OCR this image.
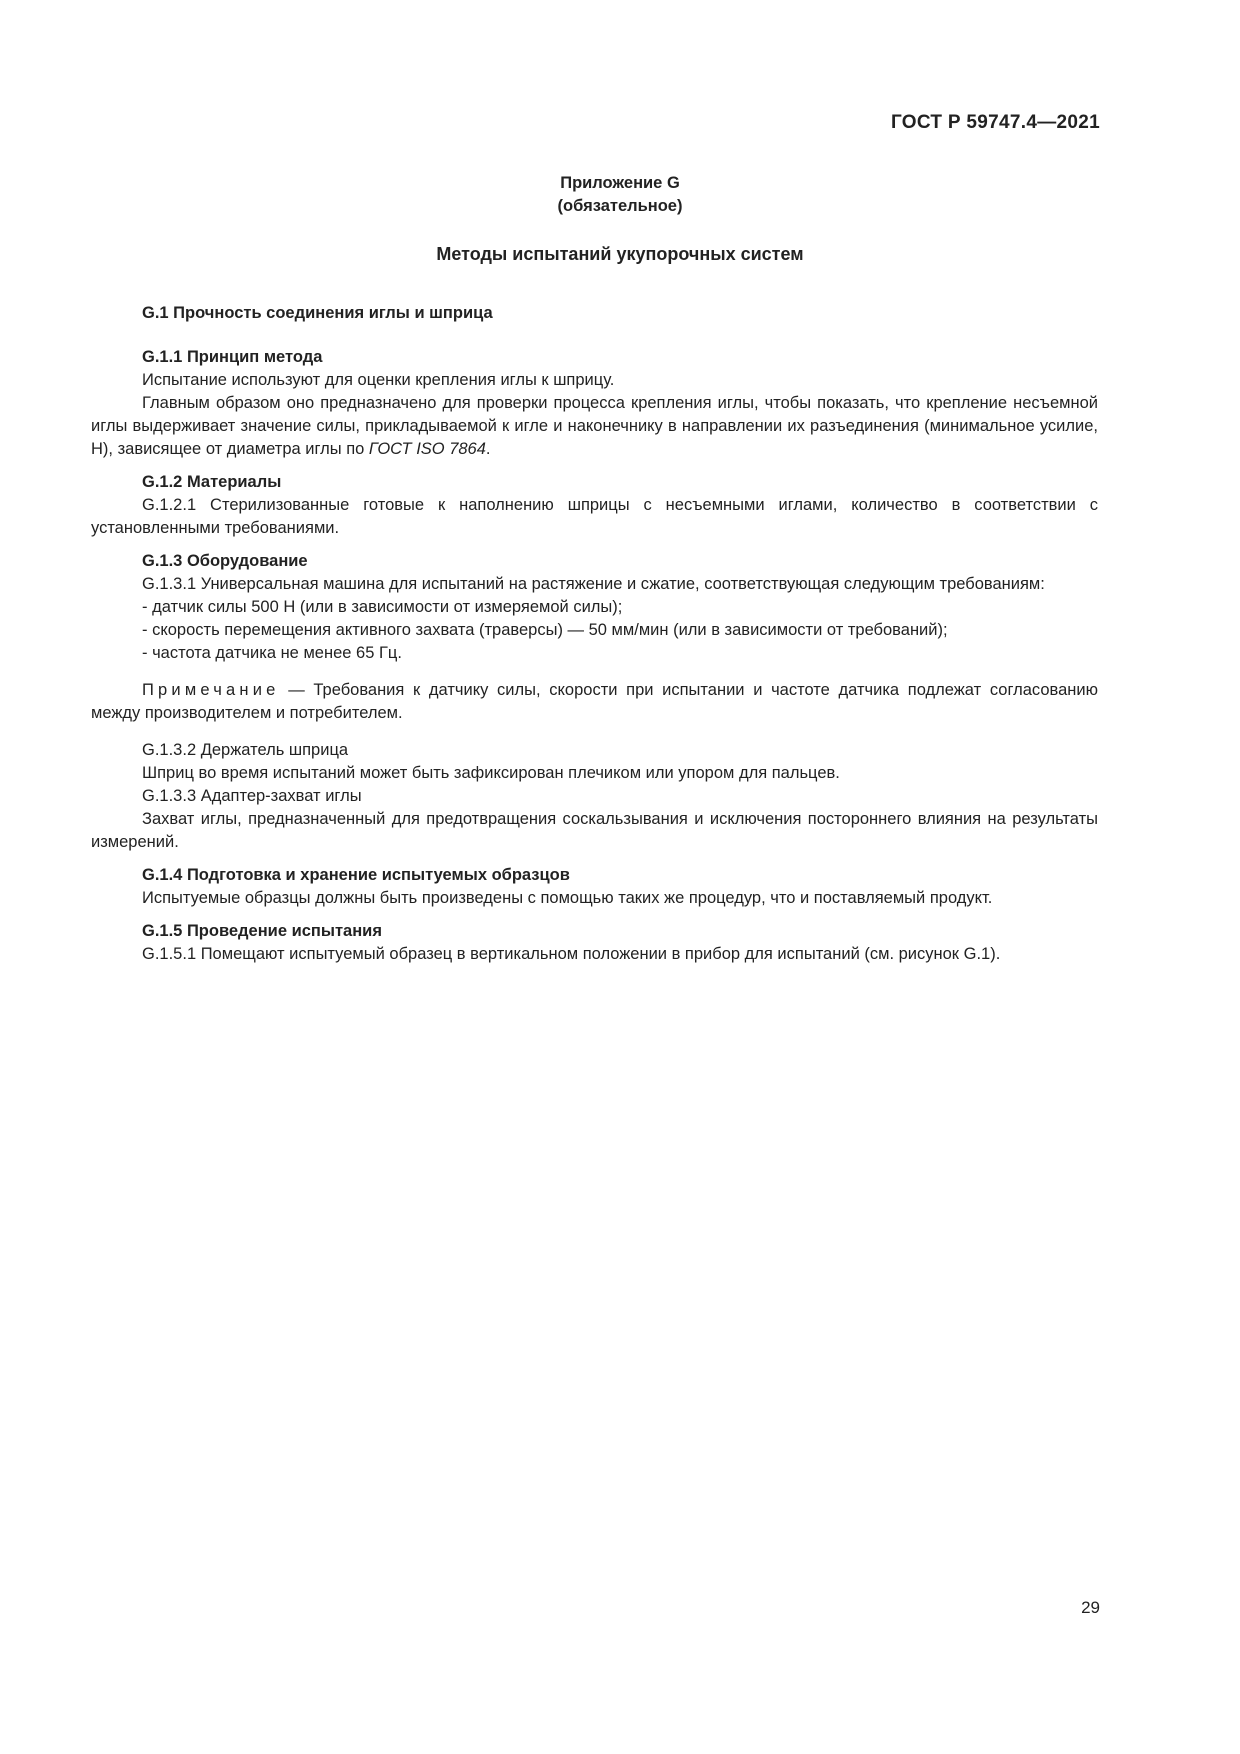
ГОСТ Р 59747.4—2021
Приложение G
(обязательное)
Методы испытаний укупорочных систем

G.1 Прочность соединения иглы и шприца

G.1.1 Принцип метода

Испытание используют для оценки крепления иглы к шприцу.

Главным образом оно предназначено для проверки процесса крепления иглы, чтобы показать, что крепление несъемной иглы выдерживает значение силы, прикладываемой к игле и наконечнику в направлении их разъединения (минимальное усилие, Н), зависящее от диаметра иглы по ГОСТ ISO 7864.

G.1.2 Материалы

G.1.2.1 Стерилизованные готовые к наполнению шприцы с несъемными иглами, количество в соответствии с установленными требованиями.

G.1.3 Оборудование

G.1.3.1 Универсальная машина для испытаний на растяжение и сжатие, соответствующая следующим требованиям:

- датчик силы 500 Н (или в зависимости от измеряемой силы);

- скорость перемещения активного захвата (траверсы) — 50 мм/мин (или в зависимости от требований);

- частота датчика не менее 65 Гц.

Примечание — Требования к датчику силы, скорости при испытании и частоте датчика подлежат согласованию между производителем и потребителем.

G.1.3.2 Держатель шприца

Шприц во время испытаний может быть зафиксирован плечиком или упором для пальцев.

G.1.3.3 Адаптер-захват иглы

Захват иглы, предназначенный для предотвращения соскальзывания и исключения постороннего влияния на результаты измерений.

G.1.4 Подготовка и хранение испытуемых образцов

Испытуемые образцы должны быть произведены с помощью таких же процедур, что и поставляемый продукт.

G.1.5 Проведение испытания

G.1.5.1 Помещают испытуемый образец в вертикальном положении в прибор для испытаний (см. рисунок G.1).

29
